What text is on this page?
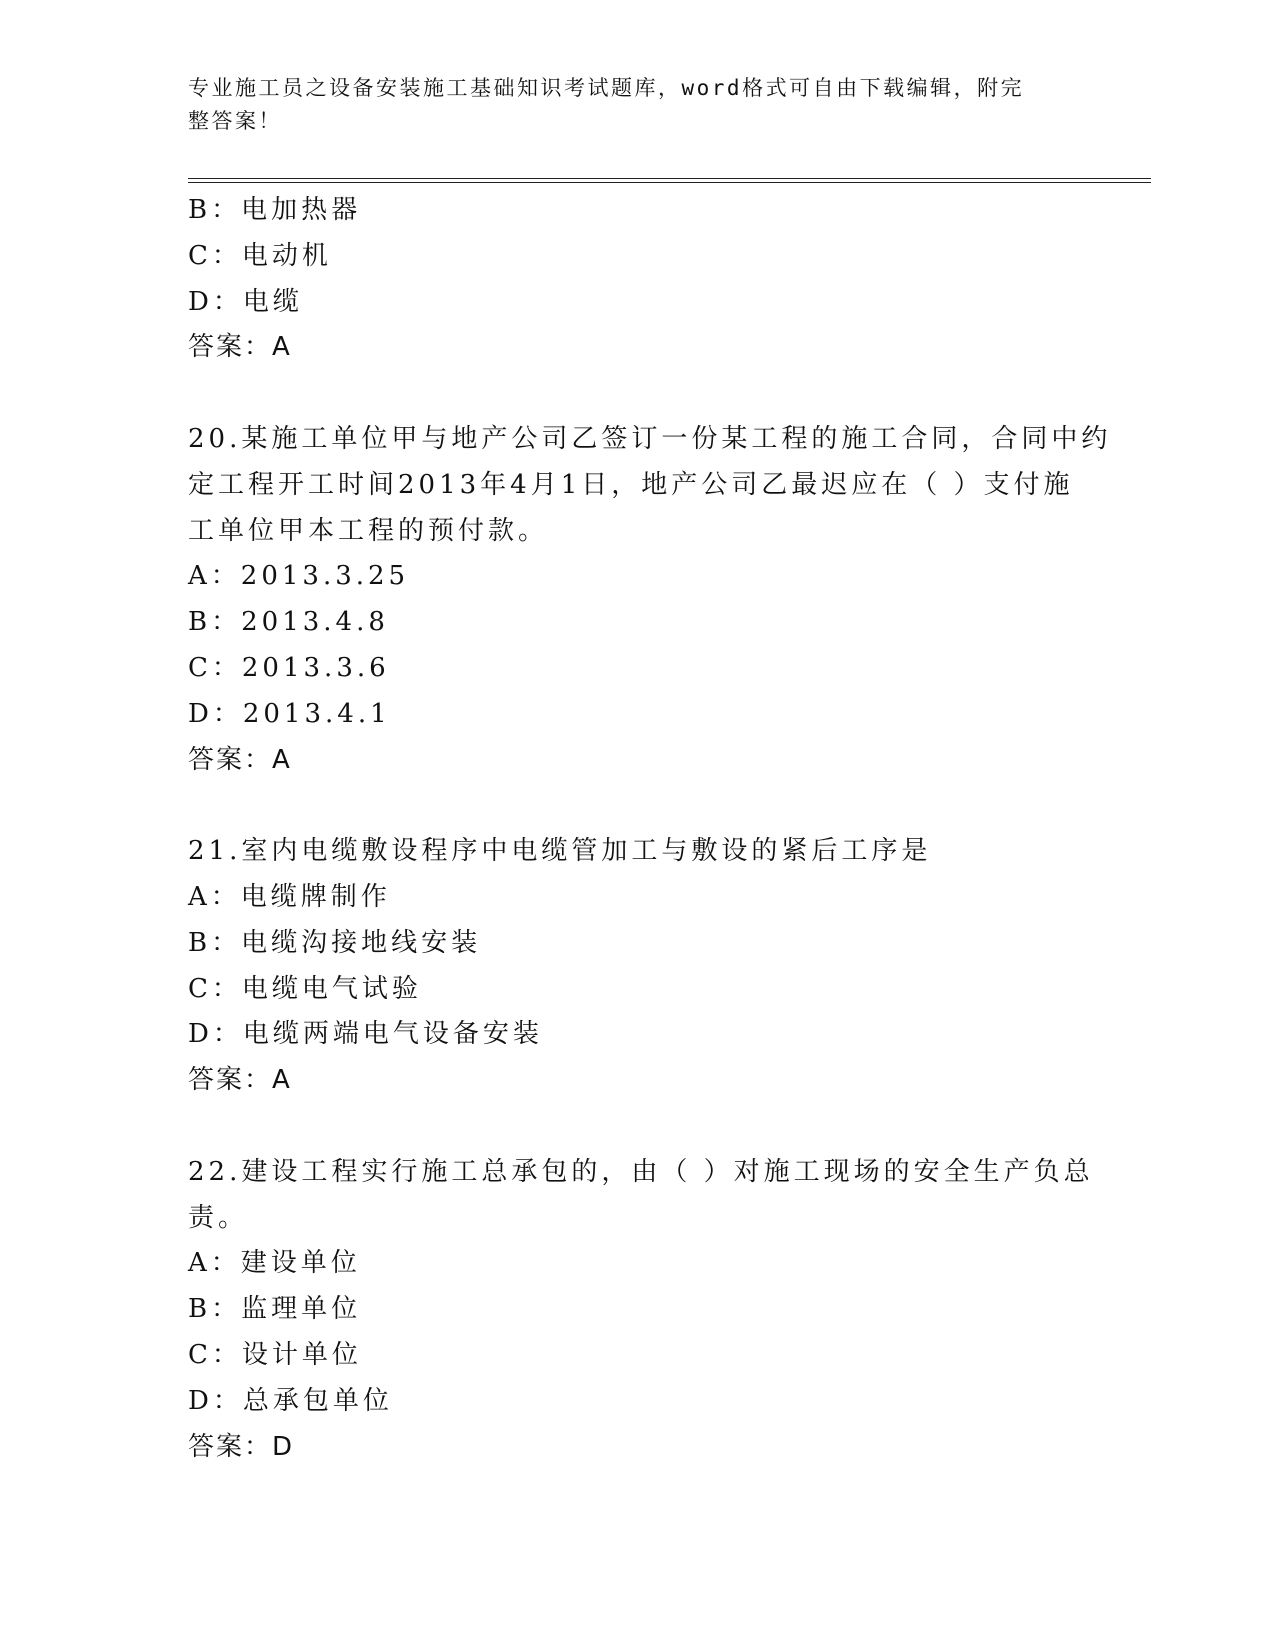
专业施工员之设备安装施工基础知识考试题库，word格式可自由下载编辑，附完
整答案！
B：电加热器
C：电动机
D：电缆
答案：A
20.某施工单位甲与地产公司乙签订一份某工程的施工合同，合同中约
定工程开工时间2013年4月1日，地产公司乙最迟应在（ ）支付施
工单位甲本工程的预付款。
A：2013.3.25
B：2013.4.8
C：2013.3.6
D：2013.4.1
答案：A
21.室内电缆敷设程序中电缆管加工与敷设的紧后工序是
A：电缆牌制作
B：电缆沟接地线安装
C：电缆电气试验
D：电缆两端电气设备安装
答案：A
22.建设工程实行施工总承包的，由（ ）对施工现场的安全生产负总
责。
A：建设单位
B：监理单位
C：设计单位
D：总承包单位
答案：D
